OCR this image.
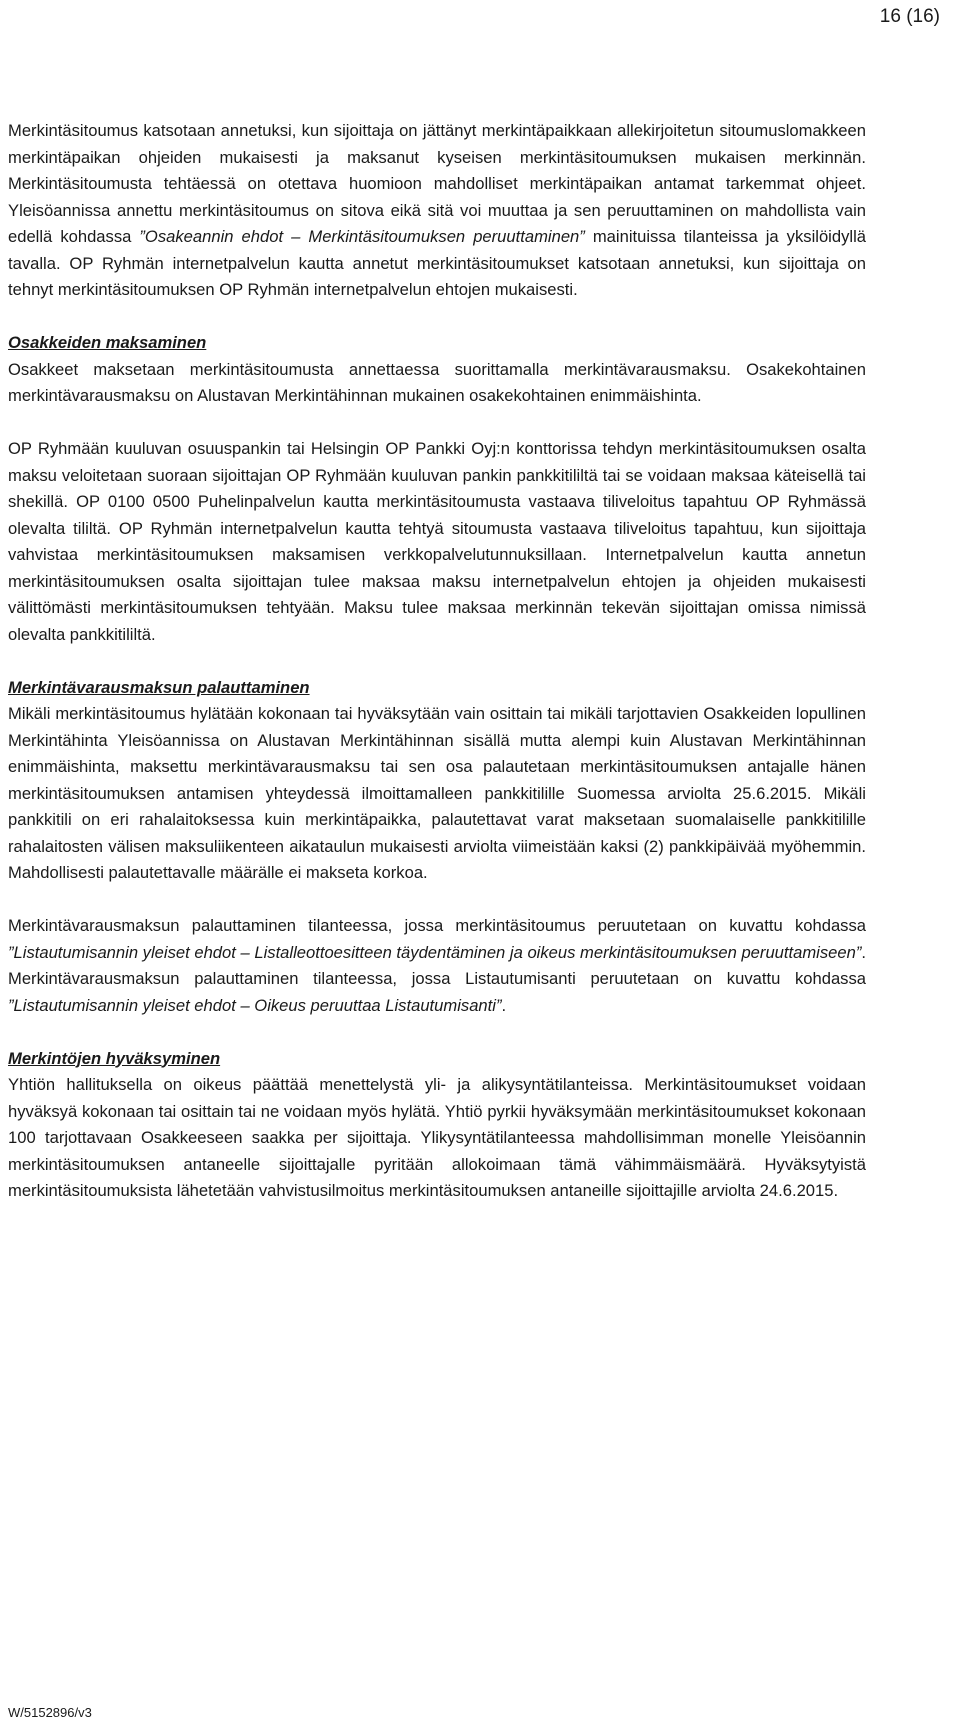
16 (16)

Merkintäsitoumus katsotaan annetuksi, kun sijoittaja on jättänyt merkintäpaikkaan allekirjoitetun sitoumuslomakkeen merkintäpaikan ohjeiden mukaisesti ja maksanut kyseisen merkintäsitoumuksen mukaisen merkinnän. Merkintäsitoumusta tehtäessä on otettava huomioon mahdolliset merkintäpaikan antamat tarkemmat ohjeet. Yleisöannissa annettu merkintäsitoumus on sitova eikä sitä voi muuttaa ja sen peruuttaminen on mahdollista vain edellä kohdassa ”Osakeannin ehdot – Merkintäsitoumuksen peruuttaminen” mainituissa tilanteissa ja yksilöidyllä tavalla. OP Ryhmän internetpalvelun kautta annetut merkintäsitoumukset katsotaan annetuksi, kun sijoittaja on tehnyt merkintäsitoumuksen OP Ryhmän internetpalvelun ehtojen mukaisesti.

Osakkeiden maksaminen

Osakkeet maksetaan merkintäsitoumusta annettaessa suorittamalla merkintävarausmaksu. Osakekohtainen merkintävarausmaksu on Alustavan Merkintähinnan mukainen osakekohtainen enimmäishinta.

OP Ryhmään kuuluvan osuuspankin tai Helsingin OP Pankki Oyj:n konttorissa tehdyn merkintäsitoumuksen osalta maksu veloitetaan suoraan sijoittajan OP Ryhmään kuuluvan pankin pankkitililtä tai se voidaan maksaa käteisellä tai shekillä. OP 0100 0500 Puhelinpalvelun kautta merkintäsitoumusta vastaava tiliveloitus tapahtuu OP Ryhmässä olevalta tililtä. OP Ryhmän internetpalvelun kautta tehtyä sitoumusta vastaava tiliveloitus tapahtuu, kun sijoittaja vahvistaa merkintäsitoumuksen maksamisen verkkopalvelutunnuksillaan. Internetpalvelun kautta annetun merkintäsitoumuksen osalta sijoittajan tulee maksaa maksu internetpalvelun ehtojen ja ohjeiden mukaisesti välittömästi merkintäsitoumuksen tehtyään. Maksu tulee maksaa merkinnän tekevän sijoittajan omissa nimissä olevalta pankkitililtä.

Merkintävarausmaksun palauttaminen

Mikäli merkintäsitoumus hylätään kokonaan tai hyväksytään vain osittain tai mikäli tarjottavien Osakkeiden lopullinen Merkintähinta Yleisöannissa on Alustavan Merkintähinnan sisällä mutta alempi kuin Alustavan Merkintähinnan enimmäishinta, maksettu merkintävarausmaksu tai sen osa palautetaan merkintäsitoumuksen antajalle hänen merkintäsitoumuksen antamisen yhteydessä ilmoittamalleen pankkitilille Suomessa arviolta 25.6.2015. Mikäli pankkitili on eri rahalaitoksessa kuin merkintäpaikka, palautettavat varat maksetaan suomalaiselle pankkitilille rahalaitosten välisen maksuliikenteen aikataulun mukaisesti arviolta viimeistään kaksi (2) pankkipäivää myöhemmin. Mahdollisesti palautettavalle määrälle ei makseta korkoa.

Merkintävarausmaksun palauttaminen tilanteessa, jossa merkintäsitoumus peruutetaan on kuvattu kohdassa ”Listautumisannin yleiset ehdot – Listalleottoesitteen täydentäminen ja oikeus merkintäsitoumuksen peruuttamiseen”. Merkintävarausmaksun palauttaminen tilanteessa, jossa Listautumisanti peruutetaan on kuvattu kohdassa ”Listautumisannin yleiset ehdot – Oikeus peruuttaa Listautumisanti”.

Merkintöjen hyväksyminen

Yhtiön hallituksella on oikeus päättää menettelystä yli- ja alikysyntätilanteissa. Merkintäsitoumukset voidaan hyväksyä kokonaan tai osittain tai ne voidaan myös hylätä. Yhtiö pyrkii hyväksymään merkintäsitoumukset kokonaan 100 tarjottavaan Osakkeeseen saakka per sijoittaja. Ylikysyntätilanteessa mahdollisimman monelle Yleisöannin merkintäsitoumuksen antaneelle sijoittajalle pyritään allokoimaan tämä vähimmäismäärä. Hyväksytyistä merkintäsitoumuksista lähetetään vahvistusilmoitus merkintäsitoumuksen antaneille sijoittajille arviolta 24.6.2015.

W/5152896/v3
